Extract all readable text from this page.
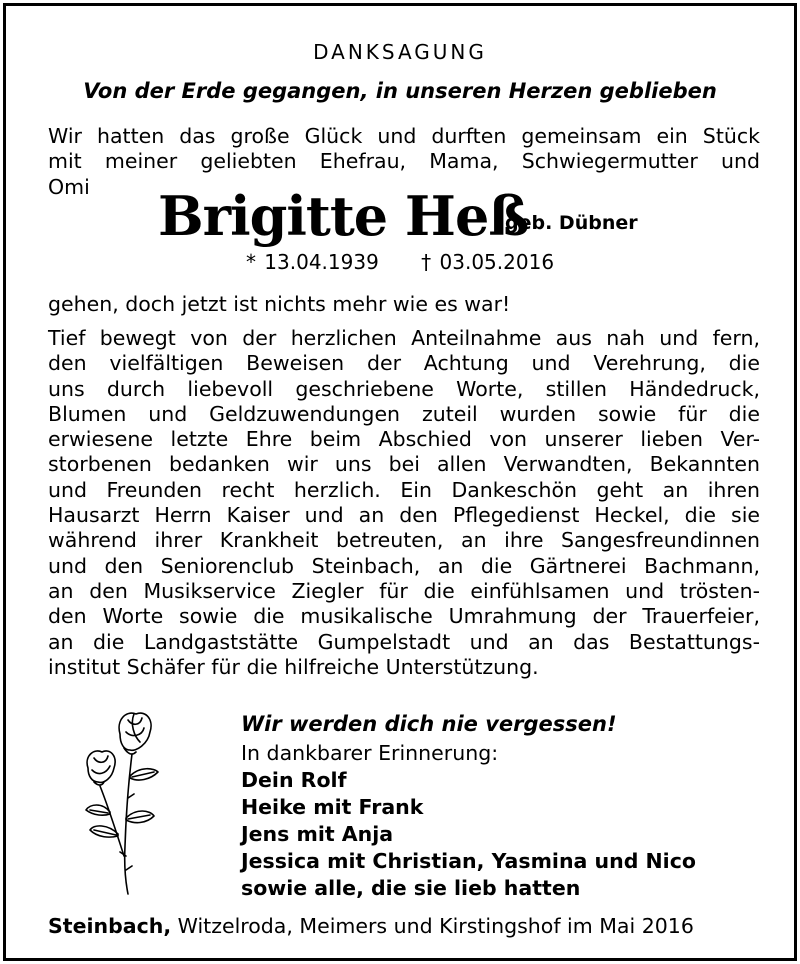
DANKSAGUNG
Von der Erde gegangen, in unseren Herzen geblieben
Wir hatten das große Glück und durften gemeinsam ein Stück
mit meiner geliebten Ehefrau, Mama, Schwiegermutter und
Omi	Brigitte Heß
geb. Dübner
* 13.04.1939 † 03.05.2016
gehen, doch jetzt ist nichts mehr wie es war!
Tief bewegt von der herzlichen Anteilnahme aus nah und fern,
den vielfältigen Beweisen der Achtung und Verehrung, die
uns durch liebevoll geschriebene Worte, stillen Händedruck,
Blumen und Geldzuwendungen zuteil wurden sowie für die
erwiesene letzte Ehre beim Abschied von unserer lieben Ver-
storbenen bedanken wir uns bei allen Verwandten, Bekannten
und Freunden recht herzlich. Ein Dankeschön geht an ihren
Hausarzt Herrn Kaiser und an den Pflegedienst Heckel, die sie
während ihrer Krankheit betreuten, an ihre Sangesfreundinnen
und den Seniorenclub Steinbach, an die Gärtnerei Bachmann,
an den Musikservice Ziegler für die einfühlsamen und trösten-
den Worte sowie die musikalische Umrahmung der Trauerfeier,
an die Landgaststätte Gumpelstadt und an das Bestattungs-
institut Schäfer für die hilfreiche Unterstützung.
Wir werden dich nie vergessen!
In dankbarer Erinnerung:
Dein Rolf
Heike mit Frank
Jens mit Anja
Jessica mit Christian, Yasmina und Nico
sowie alle, die sie lieb hatten
Steinbach, Witzelroda, Meimers und Kirstingshof im Mai 2016
